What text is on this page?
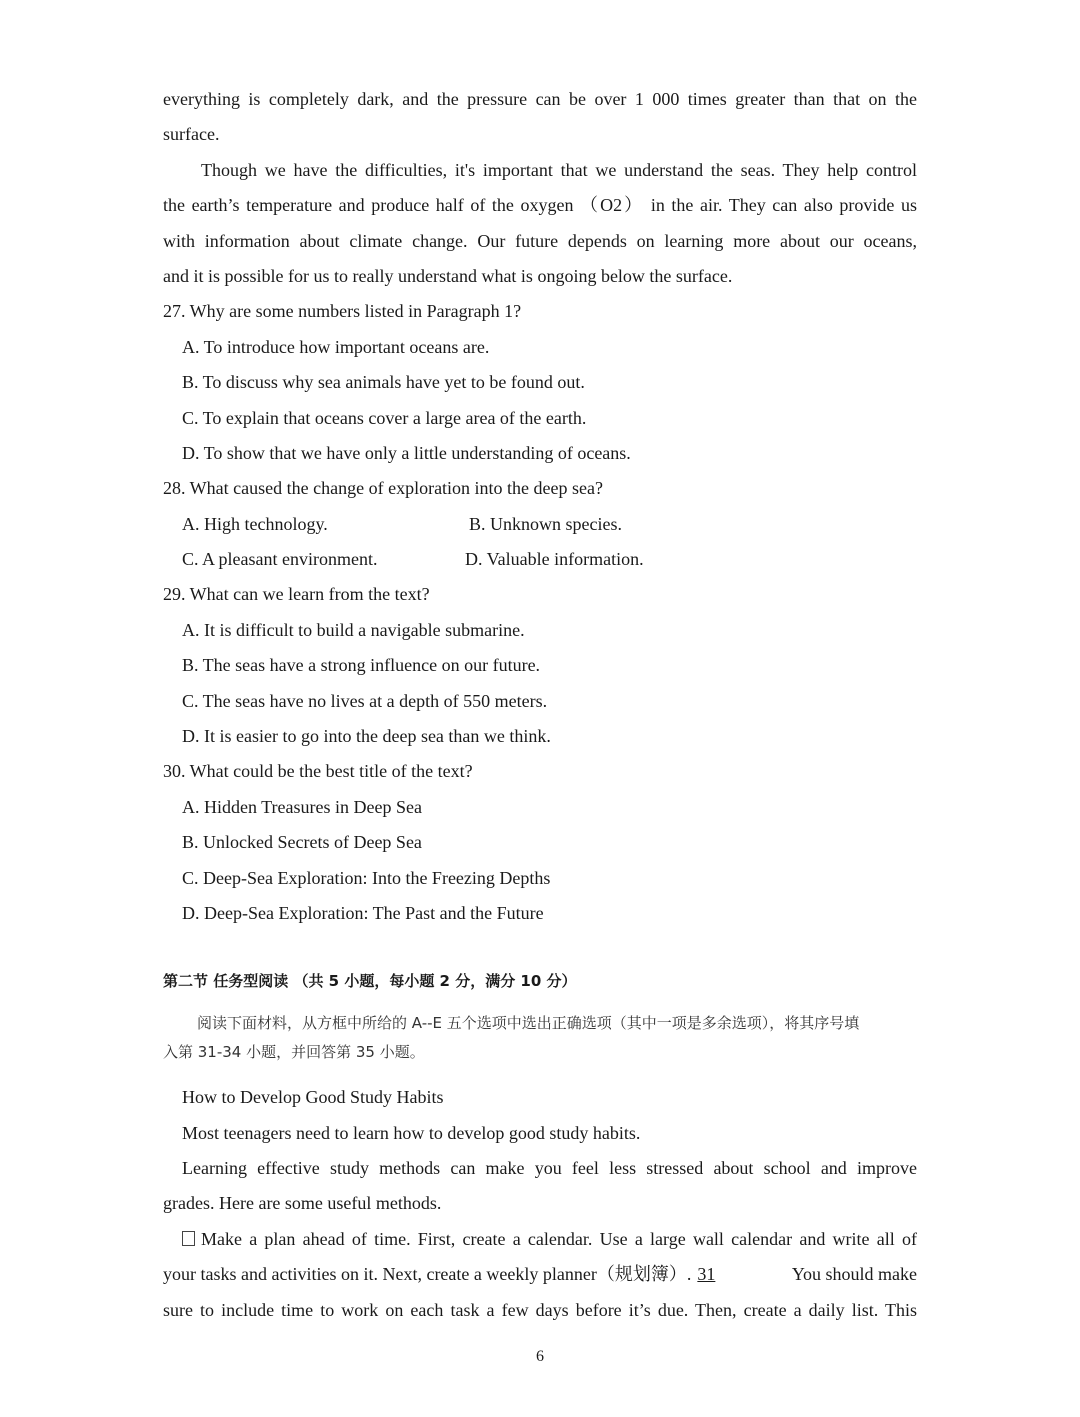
everything is completely dark, and the pressure can be over 1 000 times greater than that on the
surface.
Though we have the difficulties, it's important that we understand the seas. They help control
the earth’s temperature and produce half of the oxygen （O2） in the air. They can also provide us
with information about climate change. Our future depends on learning more about our oceans,
and it is possible for us to really understand what is ongoing below the surface.
27. Why are some numbers listed in Paragraph 1?
A. To introduce how important oceans are.
B. To discuss why sea animals have yet to be found out.
C. To explain that oceans cover a large area of the earth.
D. To show that we have only a little understanding of oceans.
28. What caused the change of exploration into the deep sea?
A. High technology.	B. Unknown species.
C. A pleasant environment.	D. Valuable information.
29. What can we learn from the text?
A. It is difficult to build a navigable submarine.
B. The seas have a strong influence on our future.
C. The seas have no lives at a depth of 550 meters.
D. It is easier to go into the deep sea than we think.
30. What could be the best title of the text?
A. Hidden Treasures in Deep Sea
B. Unlocked Secrets of Deep Sea
C. Deep-Sea Exploration: Into the Freezing Depths
D. Deep-Sea Exploration: The Past and the Future
第二节 任务型阅读 （共 5 小题，每小题 2 分，满分 10 分）
阅读下面材料，从方框中所给的 A--E 五个选项中选出正确选项（其中一项是多余选项），将其序号填
入第 31-34 小题，并回答第 35 小题。
How to Develop Good Study Habits
Most teenagers need to learn how to develop good study habits.
Learning effective study methods can make you feel less stressed about school and improve
grades. Here are some useful methods.
Make a plan ahead of time. First, create a calendar. Use a large wall calendar and write all of
your tasks and activities on it. Next, create a weekly planner（规划簿）. 31	You should make
sure to include time to work on each task a few days before it’s due. Then, create a daily list. This
6
